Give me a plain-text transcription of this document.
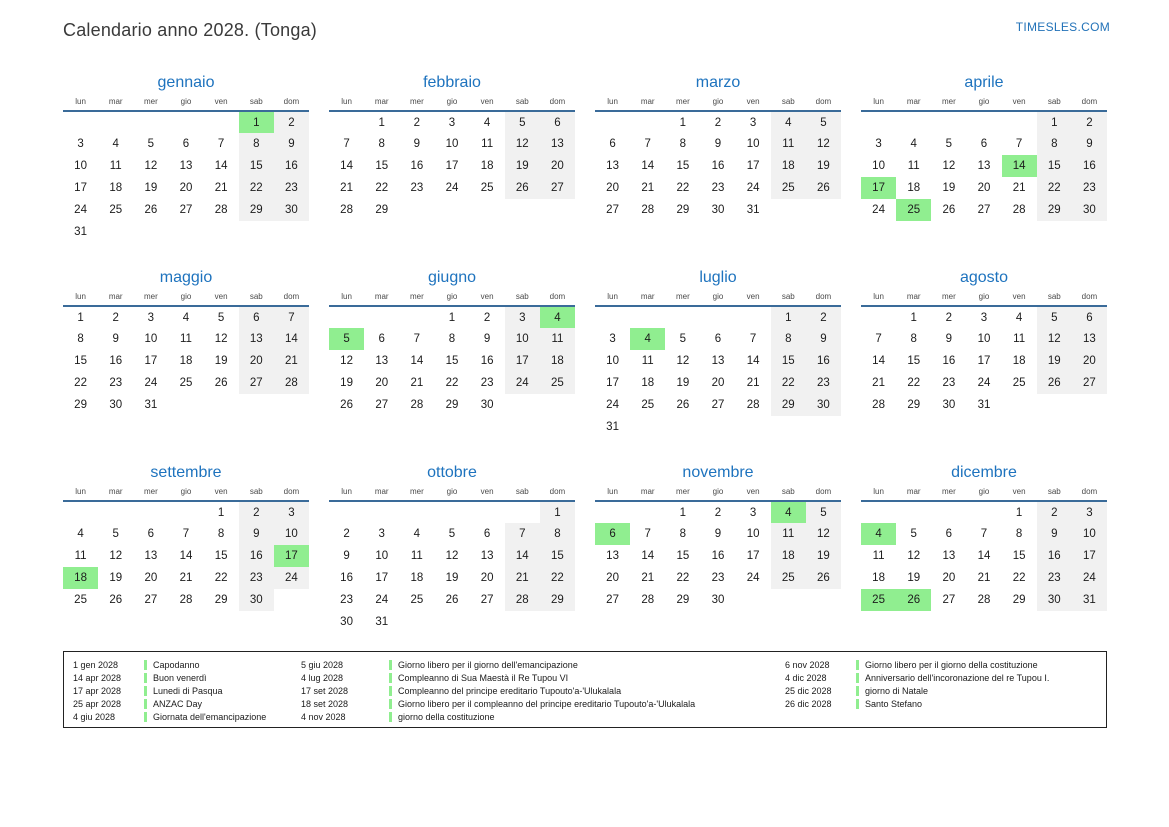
Calendario anno 2028. (Tonga)	TIMESLES.COM
gennaio
lun	mar	mer	gio	ven	sab	dom
					1	2
3	4	5	6	7	8	9
10	11	12	13	14	15	16
17	18	19	20	21	22	23
24	25	26	27	28	29	30
31						
febbraio
lun	mar	mer	gio	ven	sab	dom
	1	2	3	4	5	6
7	8	9	10	11	12	13
14	15	16	17	18	19	20
21	22	23	24	25	26	27
28	29					

marzo
lun	mar	mer	gio	ven	sab	dom
		1	2	3	4	5
6	7	8	9	10	11	12
13	14	15	16	17	18	19
20	21	22	23	24	25	26
27	28	29	30	31		

aprile
lun	mar	mer	gio	ven	sab	dom
					1	2
3	4	5	6	7	8	9
10	11	12	13	14	15	16
17	18	19	20	21	22	23
24	25	26	27	28	29	30

maggio
lun	mar	mer	gio	ven	sab	dom
1	2	3	4	5	6	7
8	9	10	11	12	13	14
15	16	17	18	19	20	21
22	23	24	25	26	27	28
29	30	31				

giugno
lun	mar	mer	gio	ven	sab	dom
			1	2	3	4
5	6	7	8	9	10	11
12	13	14	15	16	17	18
19	20	21	22	23	24	25
26	27	28	29	30		

luglio
lun	mar	mer	gio	ven	sab	dom
					1	2
3	4	5	6	7	8	9
10	11	12	13	14	15	16
17	18	19	20	21	22	23
24	25	26	27	28	29	30
31						
agosto
lun	mar	mer	gio	ven	sab	dom
	1	2	3	4	5	6
7	8	9	10	11	12	13
14	15	16	17	18	19	20
21	22	23	24	25	26	27
28	29	30	31			

settembre
lun	mar	mer	gio	ven	sab	dom
				1	2	3
4	5	6	7	8	9	10
11	12	13	14	15	16	17
18	19	20	21	22	23	24
25	26	27	28	29	30	

ottobre
lun	mar	mer	gio	ven	sab	dom
						1
2	3	4	5	6	7	8
9	10	11	12	13	14	15
16	17	18	19	20	21	22
23	24	25	26	27	28	29
30	31					
novembre
lun	mar	mer	gio	ven	sab	dom
		1	2	3	4	5
6	7	8	9	10	11	12
13	14	15	16	17	18	19
20	21	22	23	24	25	26
27	28	29	30			

dicembre
lun	mar	mer	gio	ven	sab	dom
				1	2	3
4	5	6	7	8	9	10
11	12	13	14	15	16	17
18	19	20	21	22	23	24
25	26	27	28	29	30	31

1 gen 2028	Capodanno
14 apr 2028	Buon venerdì
17 apr 2028	Lunedi di Pasqua
25 apr 2028	ANZAC Day
4 giu 2028	Giornata dell'emancipazione
5 giu 2028	Giorno libero per il giorno dell'emancipazione
4 lug 2028	Compleanno di Sua Maestà il Re Tupou VI
17 set 2028	Compleanno del principe ereditario Tupouto'a-'Ulukalala
18 set 2028	Giorno libero per il compleanno del principe ereditario Tupouto'a-'Ulukalala
4 nov 2028	giorno della costituzione
6 nov 2028	Giorno libero per il giorno della costituzione
4 dic 2028	Anniversario dell'incoronazione del re Tupou I.
25 dic 2028	giorno di Natale
26 dic 2028	Santo Stefano
